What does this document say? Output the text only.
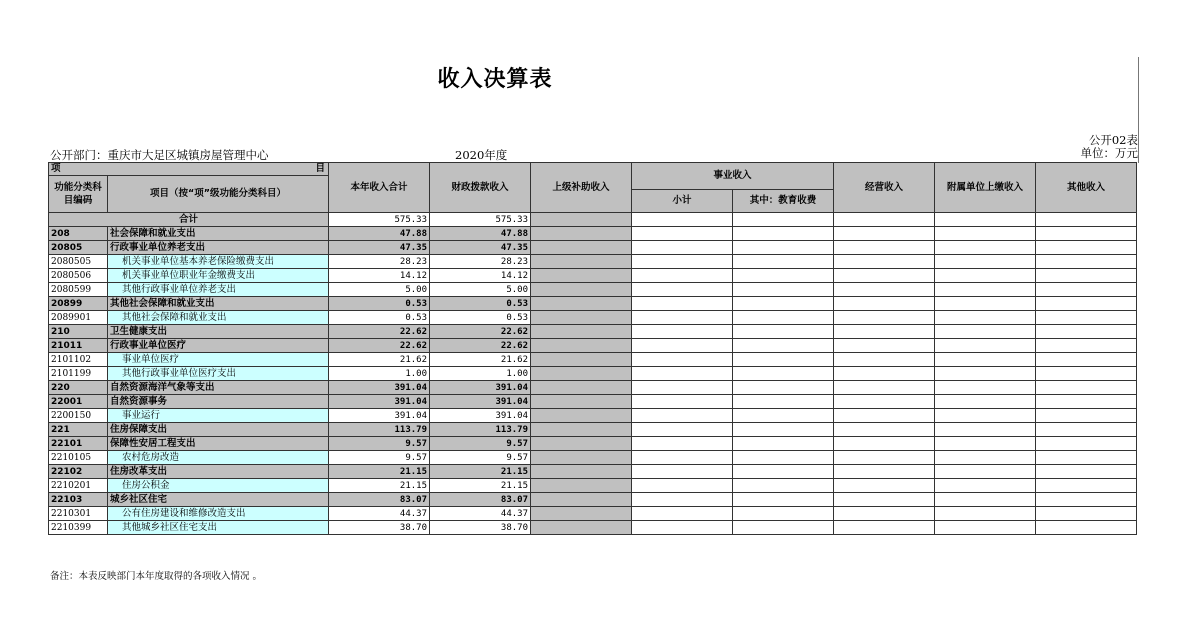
收入决算表
公开02表
单位：万元
公开部门：重庆市大足区城镇房屋管理中心	2020年度
项 目		本年收入合计	财政拨款收入	上级补助收入	事业收入		经营收入	附属单位上缴收入	其他收入
功能分类科目编码	项目（按“项”级功能分类科目）								
					小计	其中：教育收费			
合计		575.33	575.33						
208	社会保障和就业支出	47.88	47.88						
20805	行政事业单位养老支出	47.35	47.35						
2080505	机关事业单位基本养老保险缴费支出	28.23	28.23						
2080506	机关事业单位职业年金缴费支出	14.12	14.12						
2080599	其他行政事业单位养老支出	5.00	5.00						
20899	其他社会保障和就业支出	0.53	0.53						
2089901	其他社会保障和就业支出	0.53	0.53						
210	卫生健康支出	22.62	22.62						
21011	行政事业单位医疗	22.62	22.62						
2101102	事业单位医疗	21.62	21.62						
2101199	其他行政事业单位医疗支出	1.00	1.00						
220	自然资源海洋气象等支出	391.04	391.04						
22001	自然资源事务	391.04	391.04						
2200150	事业运行	391.04	391.04						
221	住房保障支出	113.79	113.79						
22101	保障性安居工程支出	9.57	9.57						
2210105	农村危房改造	9.57	9.57						
22102	住房改革支出	21.15	21.15						
2210201	住房公积金	21.15	21.15						
22103	城乡社区住宅	83.07	83.07						
2210301	公有住房建设和维修改造支出	44.37	44.37						
2210399	其他城乡社区住宅支出	38.70	38.70						
备注：本表反映部门本年度取得的各项收入情况 。
